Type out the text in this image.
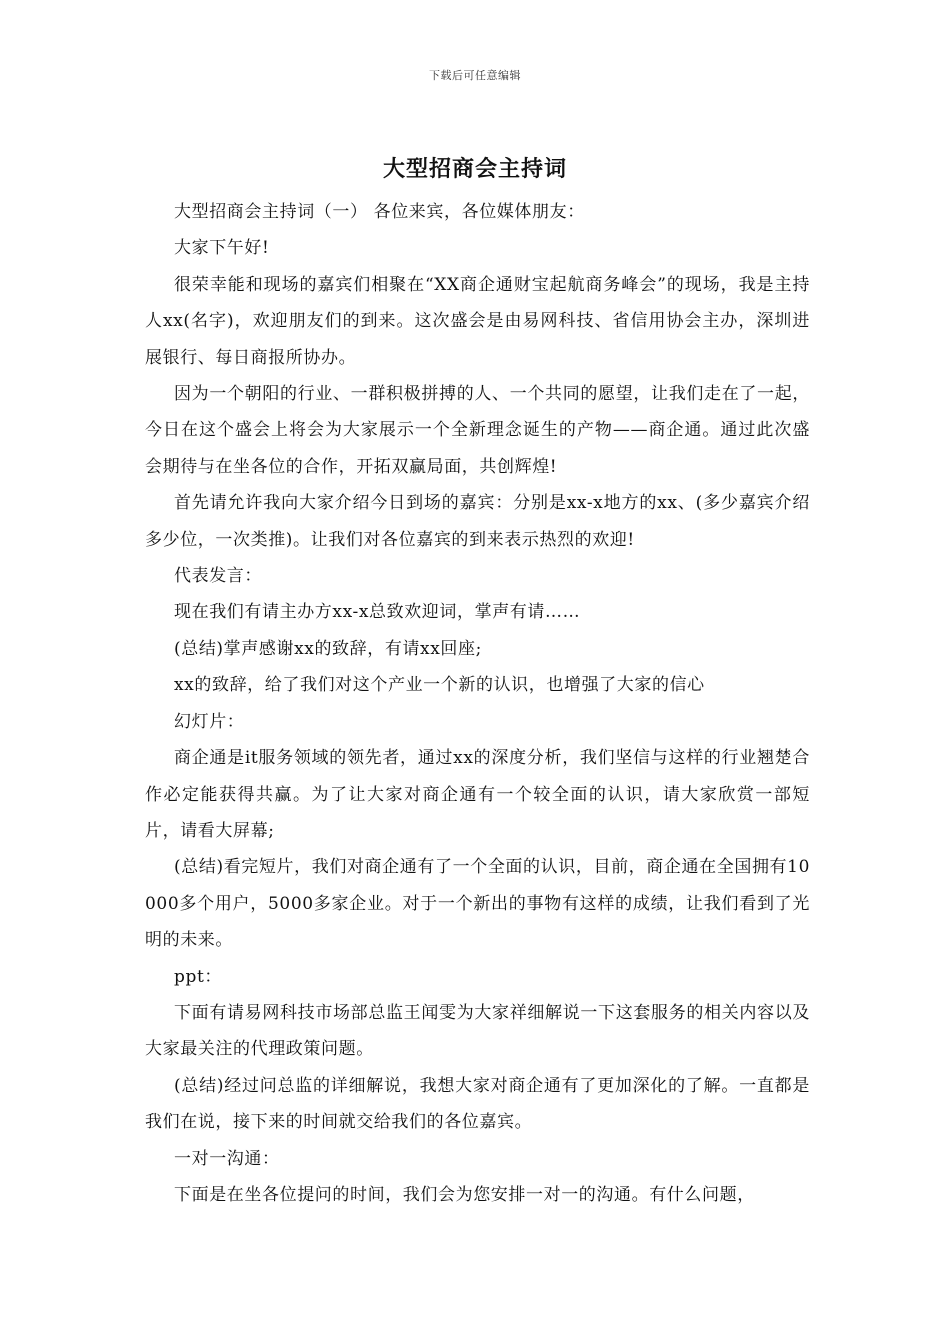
下载后可任意编辑
大型招商会主持词

大型招商会主持词（一） 各位来宾，各位媒体朋友：

大家下午好!

很荣幸能和现场的嘉宾们相聚在“XX商企通财宝起航商务峰会”的现场，我是主持人xx(名字)，欢迎朋友们的到来。这次盛会是由易网科技、省信用协会主办，深圳进展银行、每日商报所协办。

因为一个朝阳的行业、一群积极拼搏的人、一个共同的愿望，让我们走在了一起，今日在这个盛会上将会为大家展示一个全新理念诞生的产物——商企通。通过此次盛会期待与在坐各位的合作，开拓双赢局面，共创辉煌!

首先请允许我向大家介绍今日到场的嘉宾：分别是xx-x地方的xx、(多少嘉宾介绍多少位，一次类推)。让我们对各位嘉宾的到来表示热烈的欢迎!

代表发言：

现在我们有请主办方xx-x总致欢迎词，掌声有请……

(总结)掌声感谢xx的致辞，有请xx回座;

xx的致辞，给了我们对这个产业一个新的认识，也增强了大家的信心

幻灯片：

商企通是it服务领域的领先者，通过xx的深度分析，我们坚信与这样的行业翘楚合作必定能获得共赢。为了让大家对商企通有一个较全面的认识，请大家欣赏一部短片，请看大屏幕;

(总结)看完短片，我们对商企通有了一个全面的认识，目前，商企通在全国拥有10000多个用户，5000多家企业。对于一个新出的事物有这样的成绩，让我们看到了光明的未来。

ppt：

下面有请易网科技市场部总监王闻雯为大家祥细解说一下这套服务的相关内容以及大家最关注的代理政策问题。

(总结)经过问总监的详细解说，我想大家对商企通有了更加深化的了解。一直都是我们在说，接下来的时间就交给我们的各位嘉宾。

一对一沟通：

下面是在坐各位提问的时间，我们会为您安排一对一的沟通。有什么问题，
